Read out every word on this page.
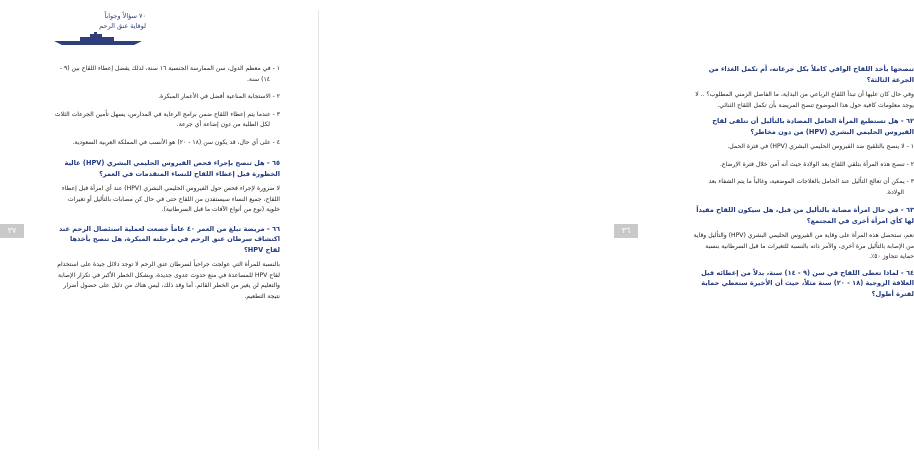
٣٧

١ - في معظم الدول، سن الممارسة الجنسية ١٦ سنة، لذلك يفضل إعطاء اللقاح بين (٩ - ١٤) سنة.

٢ - الاستجابة المناعية أفضل في الأعمار المبكرة.

٣ - عندما يتم إعطاء اللقاح ضمن برامج الرعاية في المدارس، يسهل تأمين الجرعات الثلاث لكل الطلبة من دون إضاعة أي جرعة.

٤ - على أي حال، قد يكون سن (١٨ - ٢٠) هو الأنسب في المملكة العربية السعودية.

٦٥ - هل تنصح بإجراء فحص الفيروس الحليمي البشري (HPV) عالية الخطورة قبل إعطاء اللقاح للنساء المتقدمات في العمر؟

لا ضرورة لإجراء فحص حول الفيروس الحليمي البشري (HPV) عند أي امرأة قبل إعطاء اللقاح، جميع النساء سيستفدن من اللقاح حتى في حال كن مصابات بالتأليل أو تغيرات خلوية (نوع من أنواع الآفات ما قبل السرطانية).

٦٦ - مريضة تبلغ من العمر ٤٠ عاماً خضعت لعملية استئصال الرحم عند اكتشاف سرطان عنق الرحم في مرحلته المبكرة، هل تنصح بأخذها لقاح HPV؟

بالنسبة للمرأة التي عولجت جراحياً لسرطان عنق الرحم لا توجد دلائل جيدة على استخدام لقاح HPV للمساعدة في منع حدوث عدوى جديدة، وبشكل الخطر الأكبر في تكرار الإصابة والتعليم لن يغير من الخطر القائم. أما وقد ذلك، ليس هناك من دليل على حصول أضرار نتيجة التطعيم.

٣٦

تنصحها بأخذ اللقاح الواقي كاملاً بكل جرعاته، أم تكمل الغذاء من الجرعة الثالثة؟

وفي حال كان عليها أن تبدأ اللقاح الرباعي من البداية، ما الفاصل الزمني المطلوب؟ .. لا يوجد معلومات كافية حول هذا الموضوع تنصح المريضة بأن تكمل اللقاح الثنائي.

٦٢ - هل تستطيع المرأة الحامل المضادة بالتأليل أن تتلقى لقاح الفيروس الحليمي البشري (HPV) من دون مخاطر؟

١ - لا ينصح بالتلقيح ضد الفيروس الحليمي البشري (HPV) في فترة الحمل.

٢ - تنصح هذه المرأة بتلقي اللقاح بعد الولادة حيث أنه آمن خلال فترة الإرضاع.

٣ - يمكن أن تعالج التأليل عند الحامل بالعلاجات الموضعية، وغالباً ما يتم الشفاء بعد الولادة.

٦٣ - في حال امرأة مصابة بالتأليل من قبل، هل سيكون اللقاح مفيداً لها كأي امرأة أخرى في المجتمع؟

نعم، ستحصل هذه المرأة على وقاية من الفيروس الحليمي البشري (HPV) والتأليل وقاية من الإصابة بالتأليل مرة أخرى، والأمر ذاته بالنسبة للتغيرات ما قبل السرطانية بنسبة حماية تتجاوز ٥٠٪.

٦٤ - لماذا تعطى اللقاح في سن (٩ - ١٤) سنة، بدلاً من إعطائه قبل العلاقة الزوجية (١٨ - ٢٠) سنة مثلاً، حيث أن الأخيرة ستعطي حماية لفترة أطول؟

٧٠ سؤالاً وجواباً
لوقاية عنق الرحم
